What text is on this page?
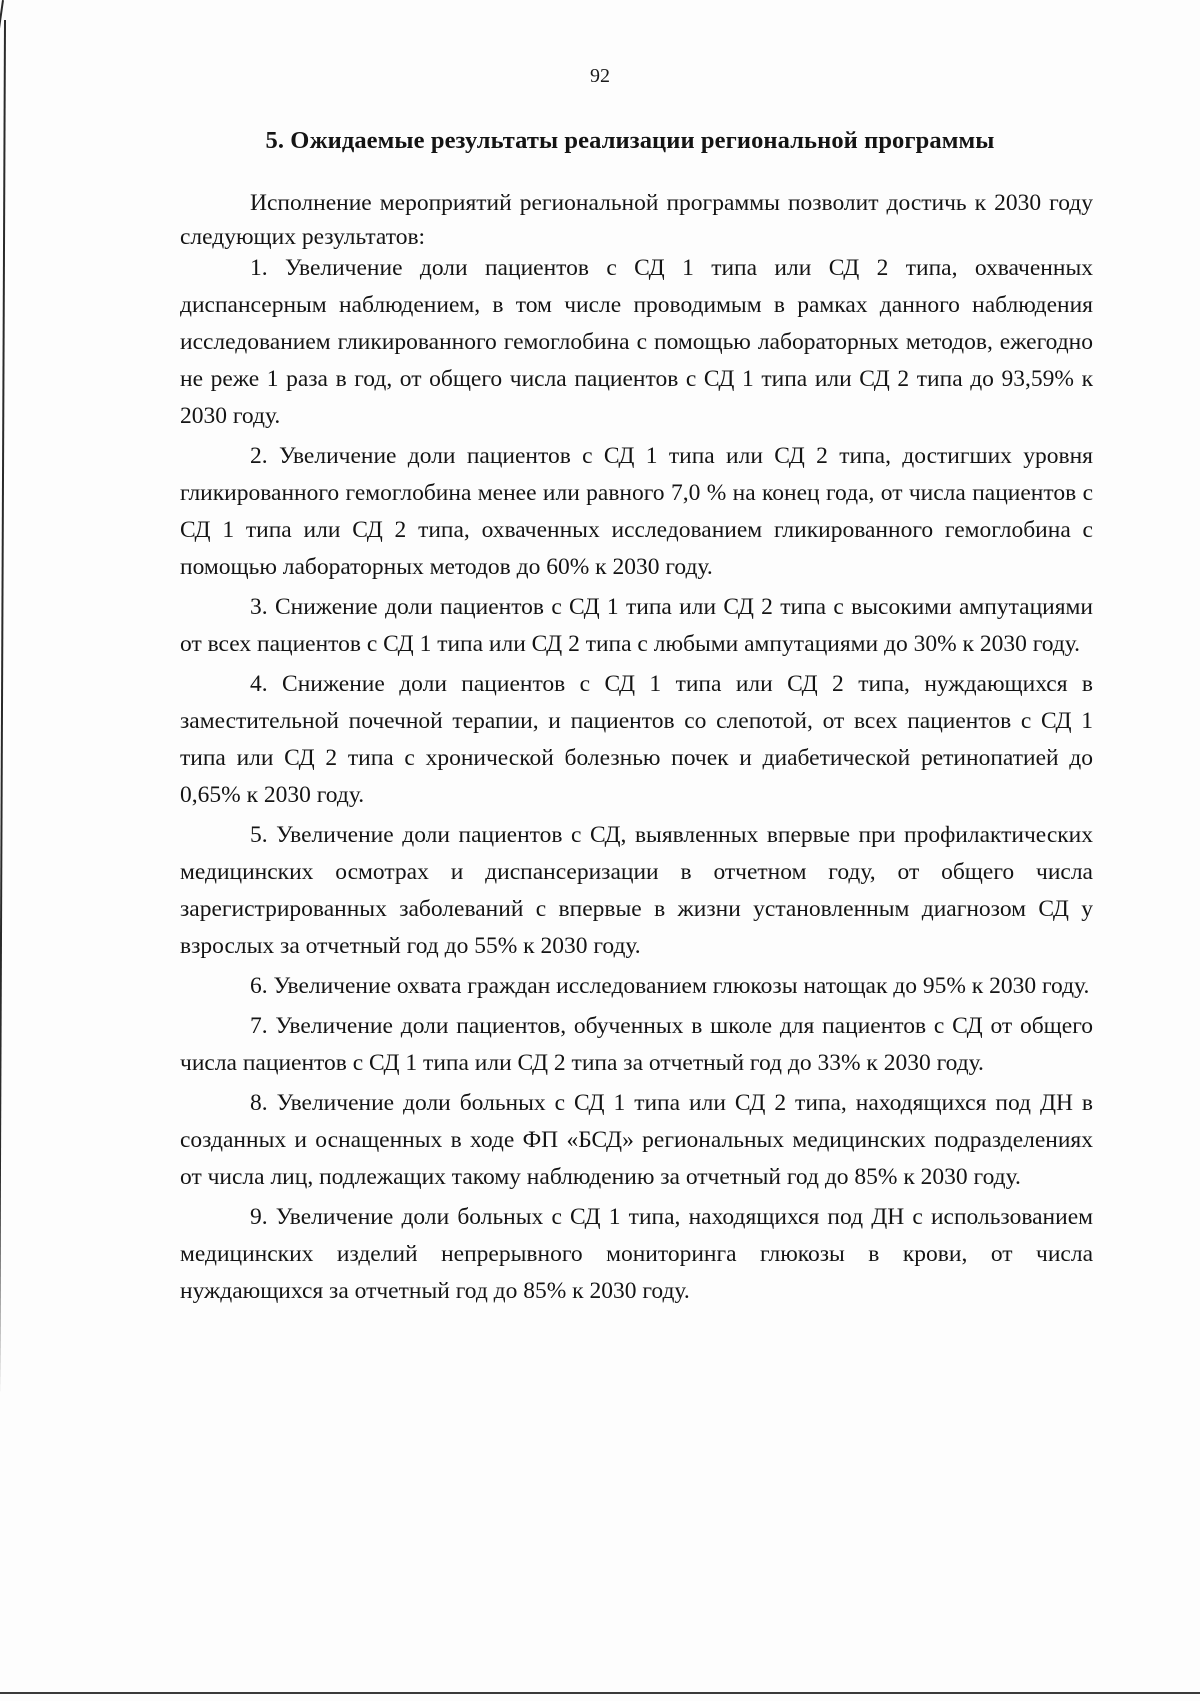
92
5. Ожидаемые результаты реализации региональной программы

Исполнение мероприятий региональной программы позволит достичь к 2030 году следующих результатов:

1. Увеличение доли пациентов с СД 1 типа или СД 2 типа, охваченных диспансерным наблюдением, в том числе проводимым в рамках данного наблюдения исследованием гликированного гемоглобина с помощью лабораторных методов, ежегодно не реже 1 раза в год, от общего числа пациентов с СД 1 типа или СД 2 типа до 93,59% к 2030 году.

2. Увеличение доли пациентов с СД 1 типа или СД 2 типа, достигших уровня гликированного гемоглобина менее или равного 7,0 % на конец года, от числа пациентов с СД 1 типа или СД 2 типа, охваченных исследованием гликированного гемоглобина с помощью лабораторных методов до 60% к 2030 году.

3. Снижение доли пациентов с СД 1 типа или СД 2 типа с высокими ампутациями от всех пациентов с СД 1 типа или СД 2 типа с любыми ампутациями до 30% к 2030 году.

4. Снижение доли пациентов с СД 1 типа или СД 2 типа, нуждающихся в заместительной почечной терапии, и пациентов со слепотой, от всех пациентов с СД 1 типа или СД 2 типа с хронической болезнью почек и диабетической ретинопатией до 0,65% к 2030 году.

5. Увеличение доли пациентов с СД, выявленных впервые при профилактических медицинских осмотрах и диспансеризации в отчетном году, от общего числа зарегистрированных заболеваний с впервые в жизни установленным диагнозом СД у взрослых за отчетный год до 55% к 2030 году.

6. Увеличение охвата граждан исследованием глюкозы натощак до 95% к 2030 году.

7. Увеличение доли пациентов, обученных в школе для пациентов с СД от общего числа пациентов с СД 1 типа или СД 2 типа за отчетный год до 33% к 2030 году.

8. Увеличение доли больных с СД 1 типа или СД 2 типа, находящихся под ДН в созданных и оснащенных в ходе ФП «БСД» региональных медицинских подразделениях от числа лиц, подлежащих такому наблюдению за отчетный год до 85% к 2030 году.

9. Увеличение доли больных с СД 1 типа, находящихся под ДН с использованием медицинских изделий непрерывного мониторинга глюкозы в крови, от числа нуждающихся за отчетный год до 85% к 2030 году.
